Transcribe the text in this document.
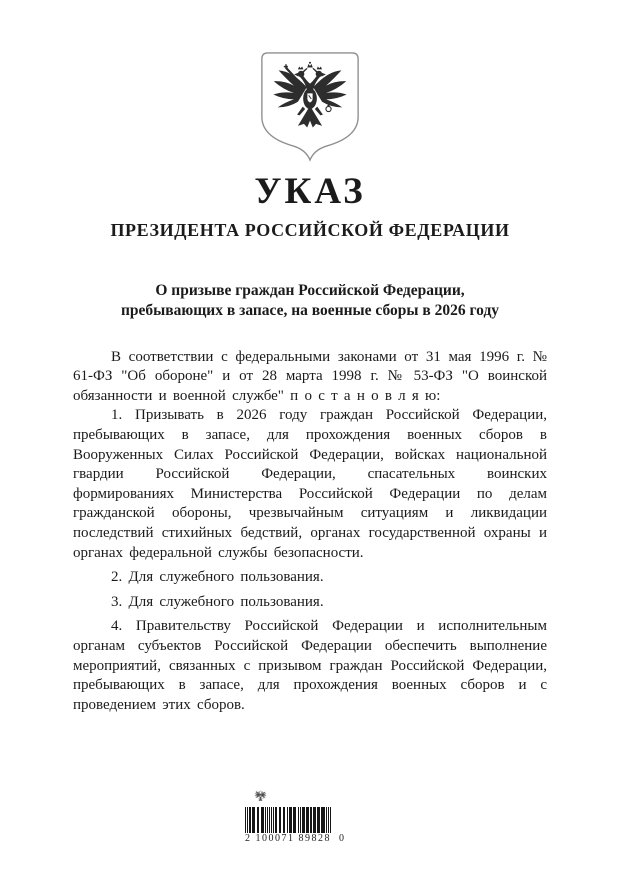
УКАЗ
ПРЕЗИДЕНТА РОССИЙСКОЙ ФЕДЕРАЦИИ
О призыве граждан Российской Федерации,
пребывающих в запасе, на военные сборы в 2026 году

В соответствии с федеральными законами от 31 мая 1996 г. № 61-ФЗ "Об обороне" и от 28 марта 1998 г. № 53-ФЗ "О воинской обязанности и военной службе" п о с т а н о в л я ю:

1. Призывать в 2026 году граждан Российской Федерации, пребывающих в запасе, для прохождения военных сборов в Вооруженных Силах Российской Федерации, войсках национальной гвардии Российской Федерации, спасательных воинских формированиях Министерства Российской Федерации по делам гражданской обороны, чрезвычайным ситуациям и ликвидации последствий стихийных бедствий, органах государственной охраны и органах федеральной службы безопасности.

2. Для служебного пользования.

3. Для служебного пользования.

4. Правительству Российской Федерации и исполнительным органам субъектов Российской Федерации обеспечить выполнение мероприятий, связанных с призывом граждан Российской Федерации, пребывающих в запасе, для прохождения военных сборов и с проведением этих сборов.

2 100071 89828  0
